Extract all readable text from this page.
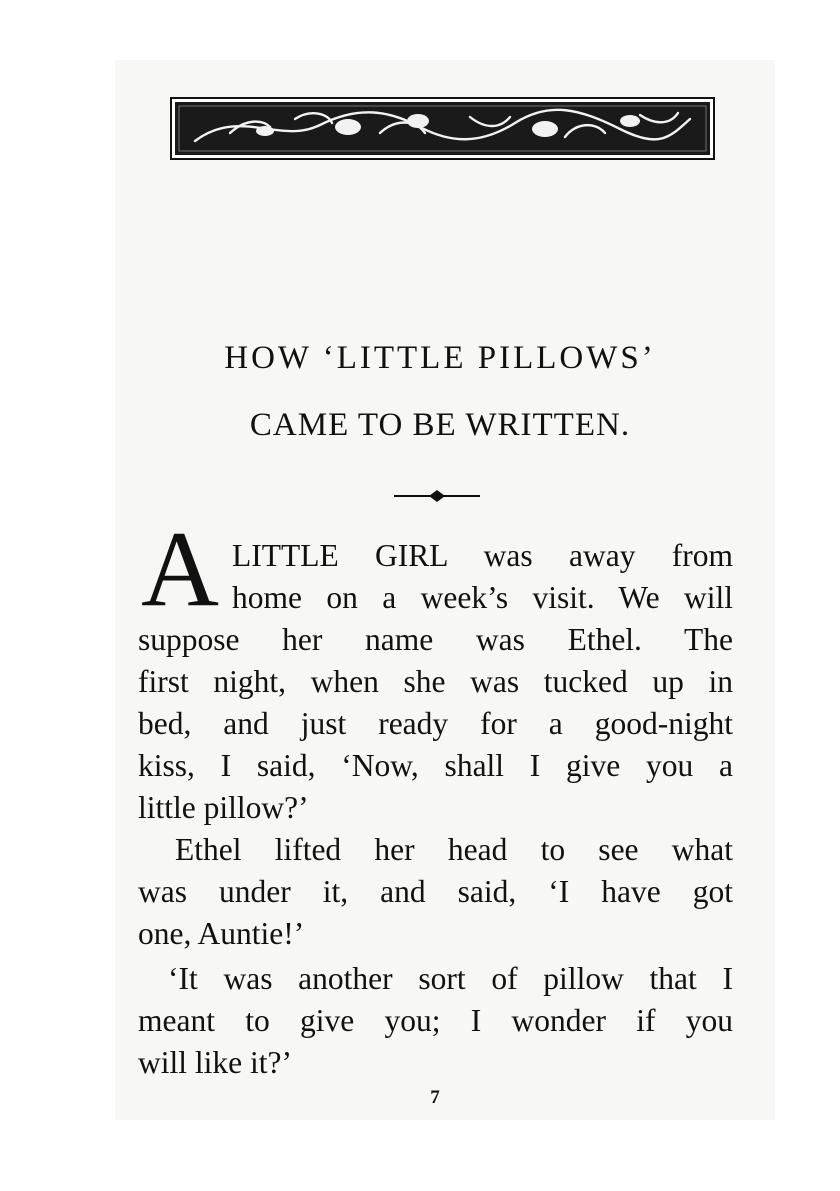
HOW ‘LITTLE PILLOWS’
CAME TO BE WRITTEN.
A LITTLE GIRL was away from
home on a week’s visit. We will
suppose her name was Ethel. The
first night, when she was tucked up in
bed, and just ready for a good-night
kiss, I said, ‘Now, shall I give you a
little pillow?’
Ethel lifted her head to see what
was under it, and said, ‘I have got
one, Auntie!’
‘It was another sort of pillow that I
meant to give you; I wonder if you
will like it?’
7
